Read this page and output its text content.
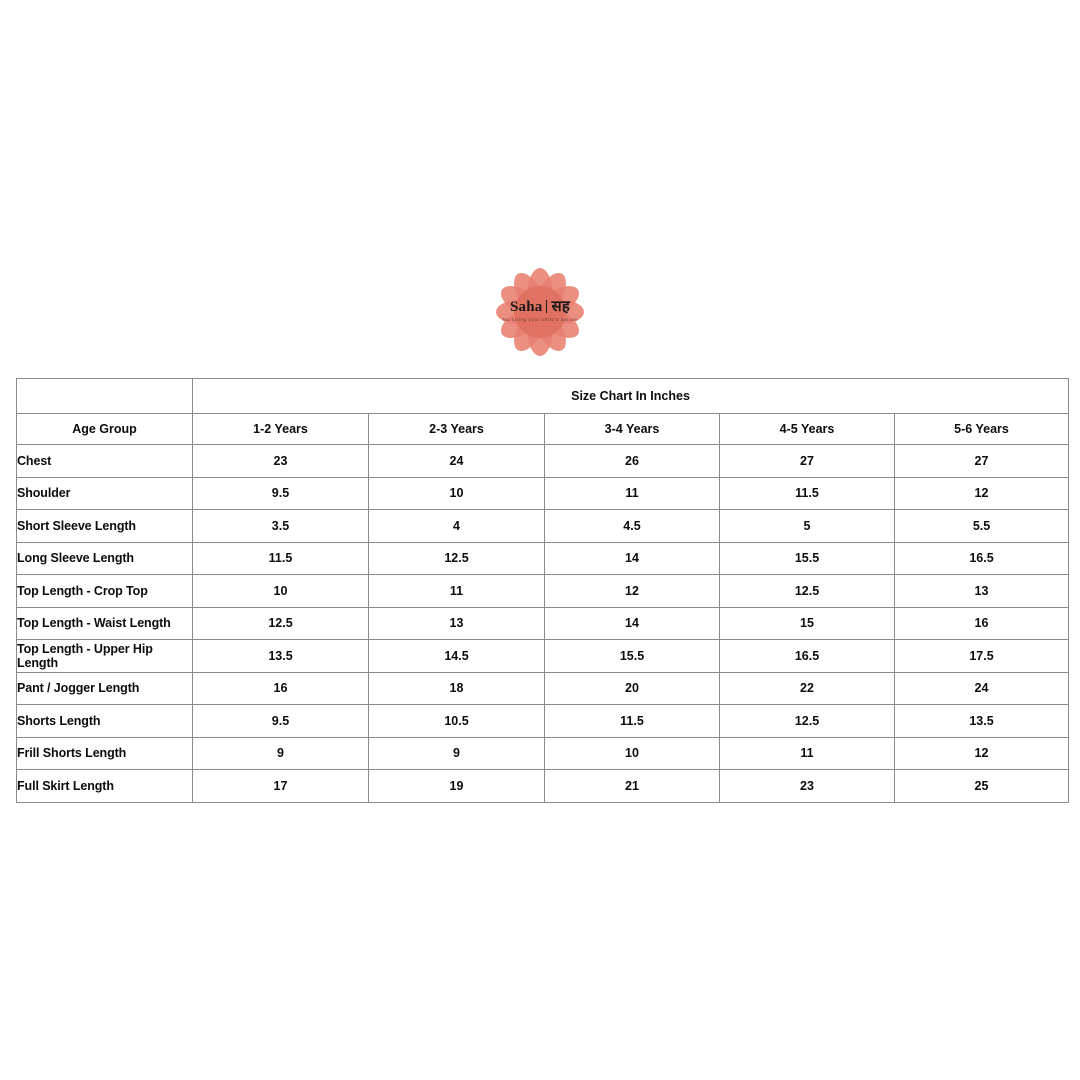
Saha सह
Nurturing your child's nature
	Size Chart In Inches				
Age Group	1-2 Years	2-3 Years	3-4 Years	4-5 Years	5-6 Years
Chest	23	24	26	27	27
Shoulder	9.5	10	11	11.5	12
Short Sleeve Length	3.5	4	4.5	5	5.5
Long Sleeve Length	11.5	12.5	14	15.5	16.5
Top Length - Crop Top	10	11	12	12.5	13
Top Length - Waist Length	12.5	13	14	15	16
Top Length - Upper Hip Length	13.5	14.5	15.5	16.5	17.5
Pant / Jogger Length	16	18	20	22	24
Shorts Length	9.5	10.5	11.5	12.5	13.5
Frill Shorts Length	9	9	10	11	12
Full Skirt Length	17	19	21	23	25
